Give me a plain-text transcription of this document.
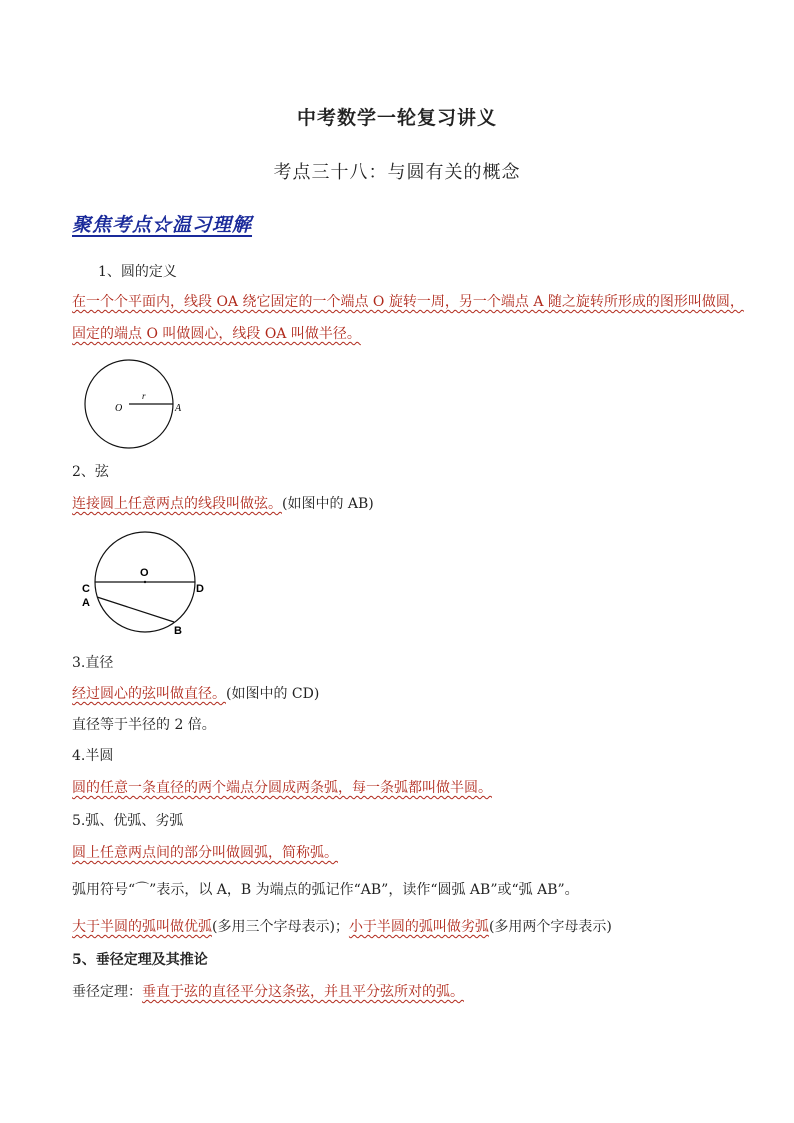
中考数学一轮复习讲义
考点三十八：与圆有关的概念
聚焦考点☆温习理解
1、圆的定义
在一个个平面内，线段 OA 绕它固定的一个端点 O 旋转一周，另一个端点 A 随之旋转所形成的图形叫做圆，
固定的端点 O 叫做圆心，线段 OA 叫做半径。
O
r
A
2、弦
连接圆上任意两点的线段叫做弦。(如图中的 AB)
O
C
A
D
B
3.直径
经过圆心的弦叫做直径。(如图中的 CD)
直径等于半径的 2 倍。
4.半圆
圆的任意一条直径的两个端点分圆成两条弧，每一条弧都叫做半圆。
5.弧、优弧、劣弧
圆上任意两点间的部分叫做圆弧，简称弧。
弧用符号“⌒”表示，以 A，B 为端点的弧记作“AB”，读作“圆弧 AB”或“弧 AB”。
大于半圆的弧叫做优弧(多用三个字母表示)；小于半圆的弧叫做劣弧(多用两个字母表示)
5、垂径定理及其推论
垂径定理：垂直于弦的直径平分这条弦，并且平分弦所对的弧。
